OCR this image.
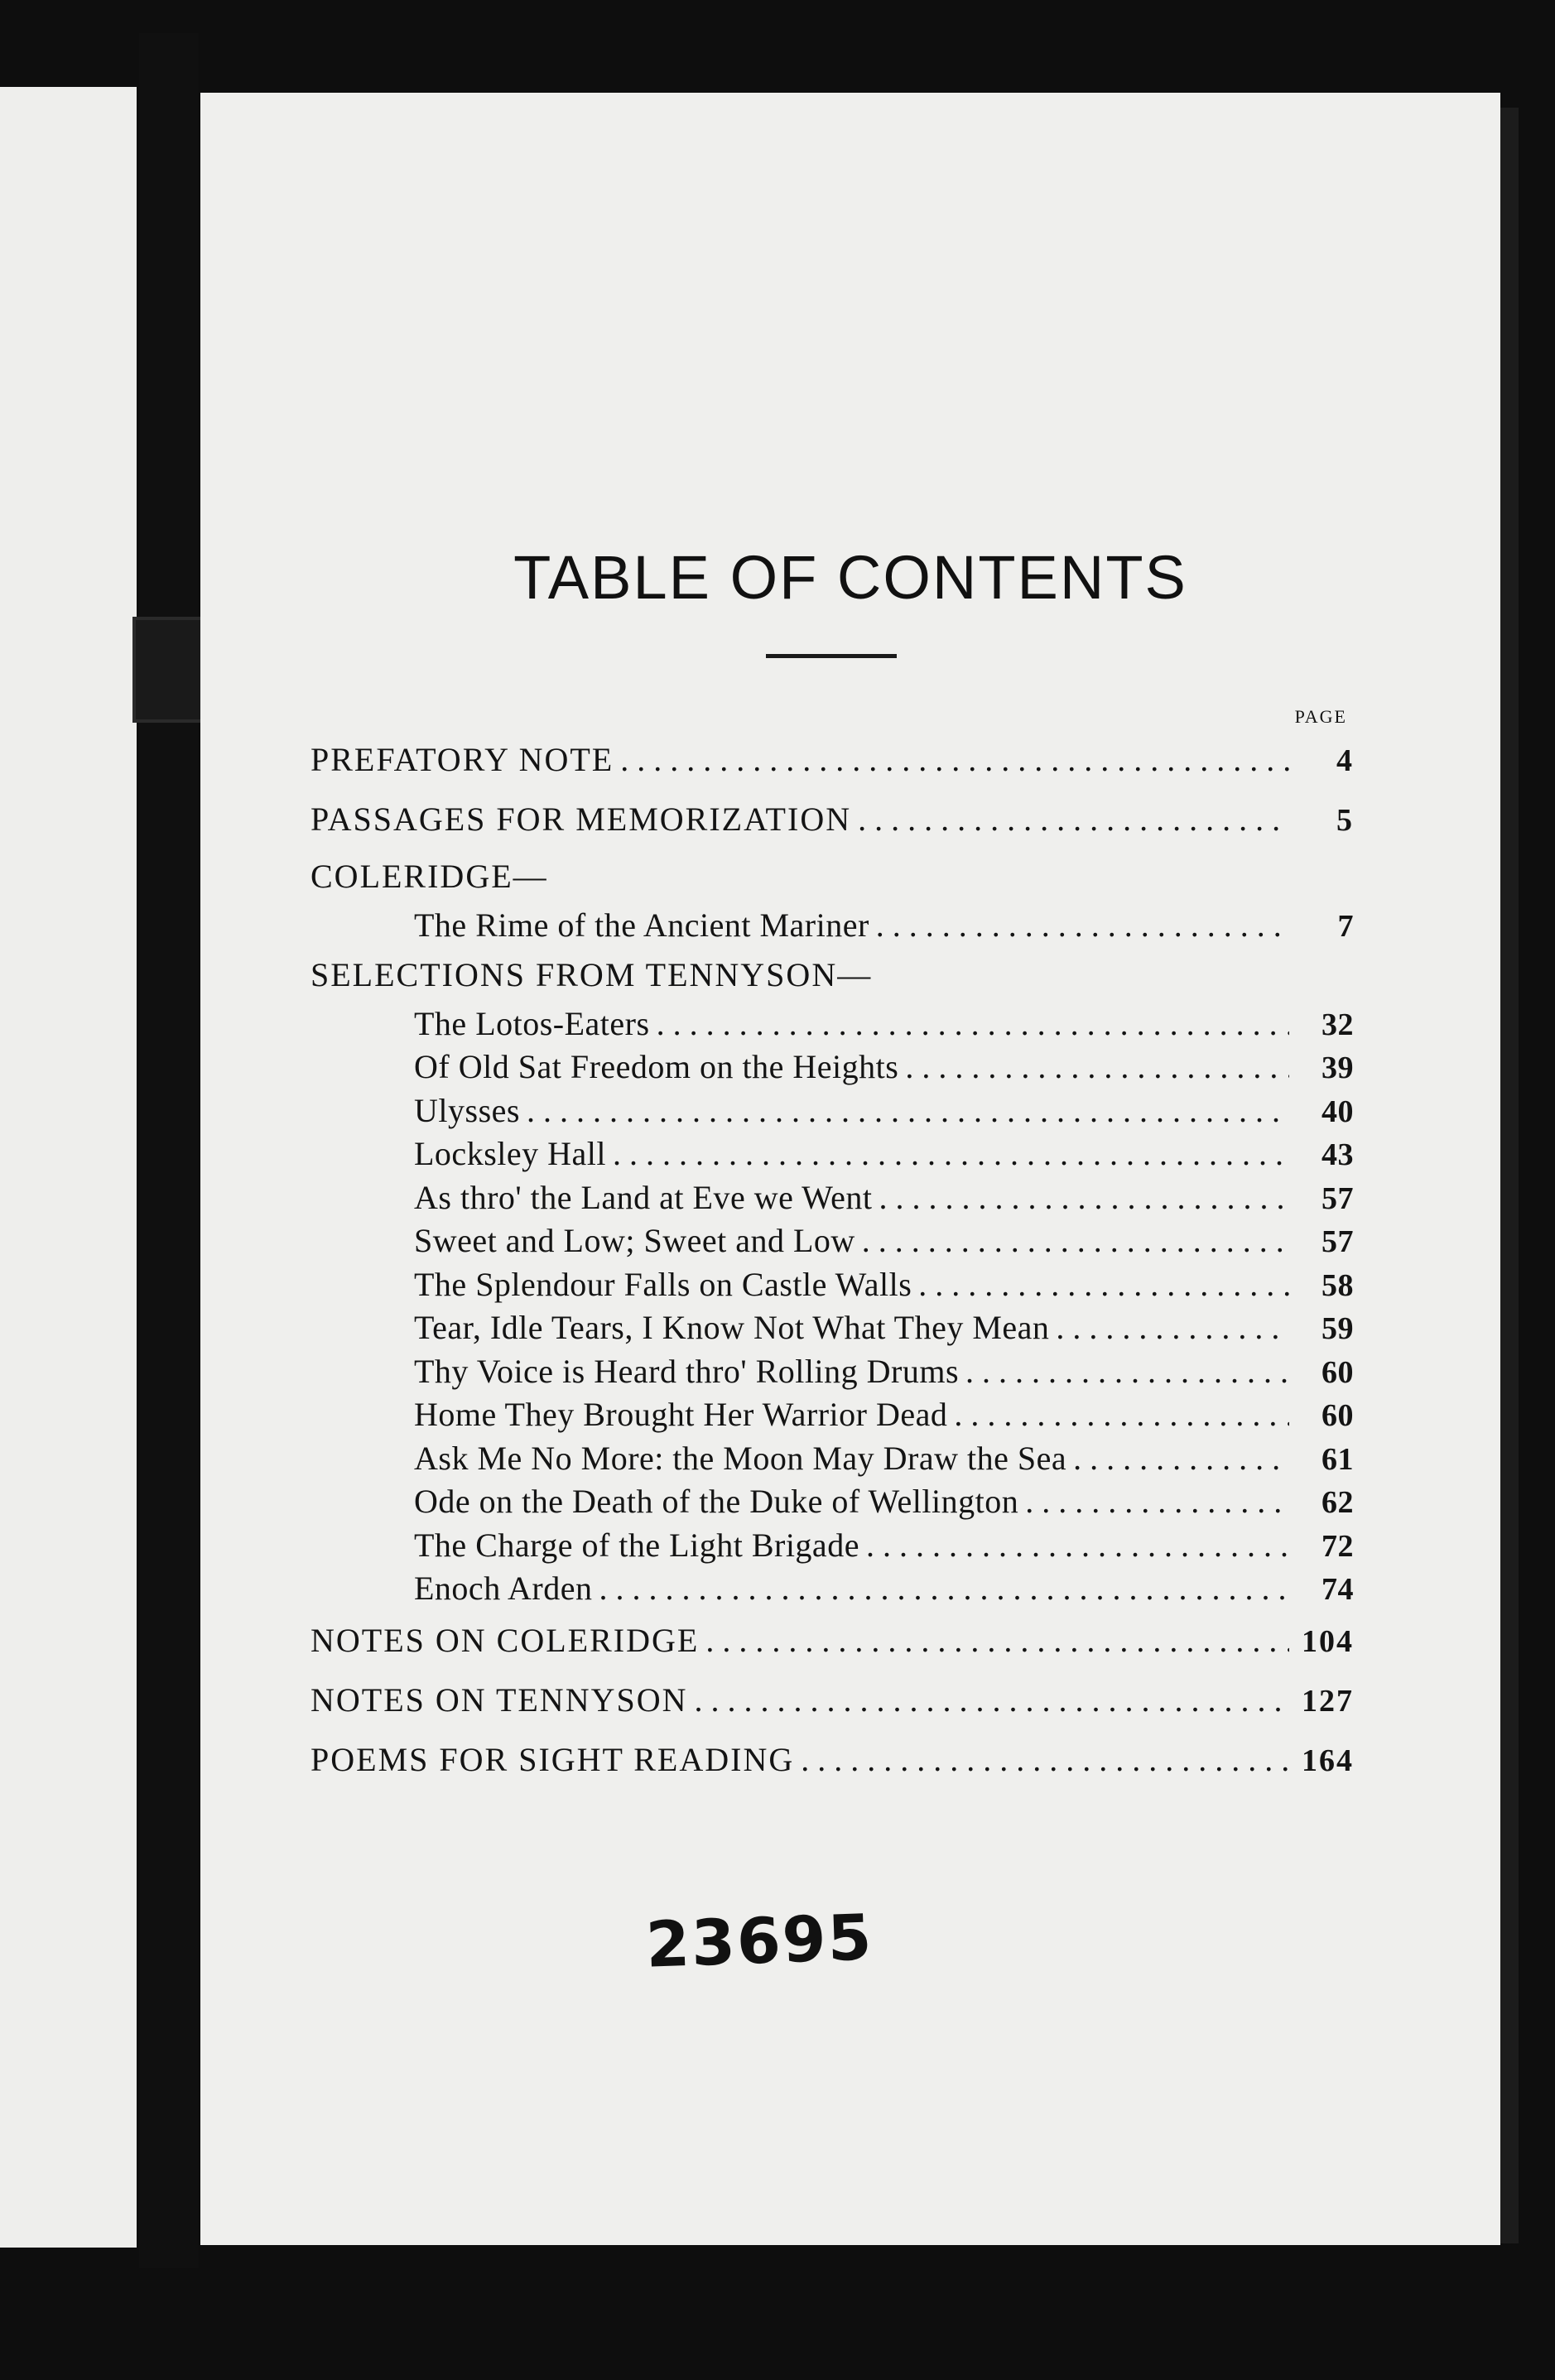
TABLE OF CONTENTS
PAGE
PREFATORY NOTE . . .	4
PASSAGES FOR MEMORIZATION . . .	5
COLERIDGE—
The Rime of the Ancient Mariner . . .	7
SELECTIONS FROM TENNYSON—
The Lotos-Eaters . . .	32
Of Old Sat Freedom on the Heights . . .	39
Ulysses . . .	40
Locksley Hall . . .	43
As thro' the Land at Eve we Went . . .	57
Sweet and Low; Sweet and Low . . .	57
The Splendour Falls on Castle Walls . . .	58
Tear, Idle Tears, I Know Not What They Mean . . .	59
Thy Voice is Heard thro' Rolling Drums . . .	60
Home They Brought Her Warrior Dead . . .	60
Ask Me No More: the Moon May Draw the Sea . . .	61
Ode on the Death of the Duke of Wellington . . .	62
The Charge of the Light Brigade . . .	72
Enoch Arden . . .	74
NOTES ON COLERIDGE . . .	104
NOTES ON TENNYSON . . .	127
POEMS FOR SIGHT READING . . .	164
23695
